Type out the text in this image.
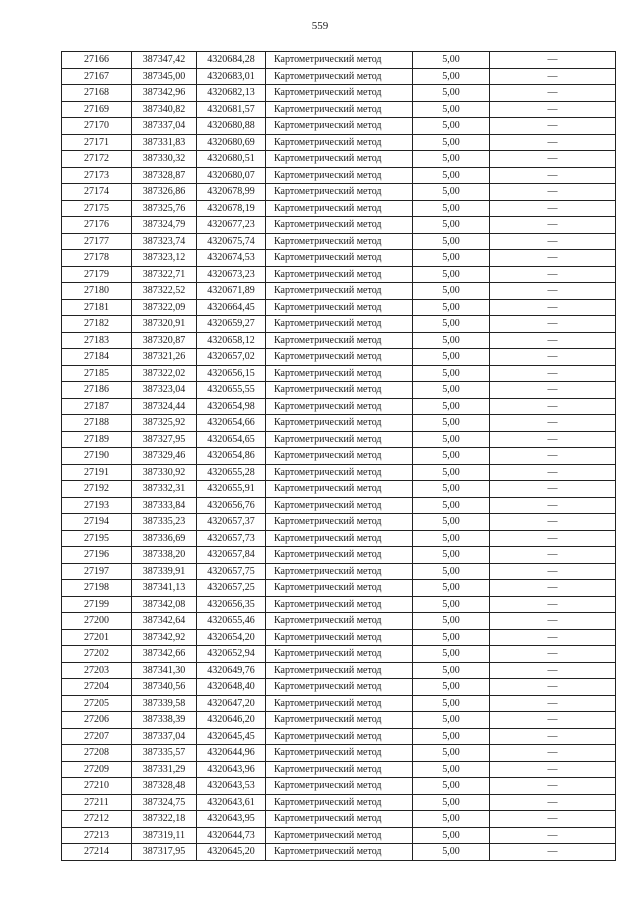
559
27166	387347,42	4320684,28	Картометрический метод	5,00	—
27167	387345,00	4320683,01	Картометрический метод	5,00	—
27168	387342,96	4320682,13	Картометрический метод	5,00	—
27169	387340,82	4320681,57	Картометрический метод	5,00	—
27170	387337,04	4320680,88	Картометрический метод	5,00	—
27171	387331,83	4320680,69	Картометрический метод	5,00	—
27172	387330,32	4320680,51	Картометрический метод	5,00	—
27173	387328,87	4320680,07	Картометрический метод	5,00	—
27174	387326,86	4320678,99	Картометрический метод	5,00	—
27175	387325,76	4320678,19	Картометрический метод	5,00	—
27176	387324,79	4320677,23	Картометрический метод	5,00	—
27177	387323,74	4320675,74	Картометрический метод	5,00	—
27178	387323,12	4320674,53	Картометрический метод	5,00	—
27179	387322,71	4320673,23	Картометрический метод	5,00	—
27180	387322,52	4320671,89	Картометрический метод	5,00	—
27181	387322,09	4320664,45	Картометрический метод	5,00	—
27182	387320,91	4320659,27	Картометрический метод	5,00	—
27183	387320,87	4320658,12	Картометрический метод	5,00	—
27184	387321,26	4320657,02	Картометрический метод	5,00	—
27185	387322,02	4320656,15	Картометрический метод	5,00	—
27186	387323,04	4320655,55	Картометрический метод	5,00	—
27187	387324,44	4320654,98	Картометрический метод	5,00	—
27188	387325,92	4320654,66	Картометрический метод	5,00	—
27189	387327,95	4320654,65	Картометрический метод	5,00	—
27190	387329,46	4320654,86	Картометрический метод	5,00	—
27191	387330,92	4320655,28	Картометрический метод	5,00	—
27192	387332,31	4320655,91	Картометрический метод	5,00	—
27193	387333,84	4320656,76	Картометрический метод	5,00	—
27194	387335,23	4320657,37	Картометрический метод	5,00	—
27195	387336,69	4320657,73	Картометрический метод	5,00	—
27196	387338,20	4320657,84	Картометрический метод	5,00	—
27197	387339,91	4320657,75	Картометрический метод	5,00	—
27198	387341,13	4320657,25	Картометрический метод	5,00	—
27199	387342,08	4320656,35	Картометрический метод	5,00	—
27200	387342,64	4320655,46	Картометрический метод	5,00	—
27201	387342,92	4320654,20	Картометрический метод	5,00	—
27202	387342,66	4320652,94	Картометрический метод	5,00	—
27203	387341,30	4320649,76	Картометрический метод	5,00	—
27204	387340,56	4320648,40	Картометрический метод	5,00	—
27205	387339,58	4320647,20	Картометрический метод	5,00	—
27206	387338,39	4320646,20	Картометрический метод	5,00	—
27207	387337,04	4320645,45	Картометрический метод	5,00	—
27208	387335,57	4320644,96	Картометрический метод	5,00	—
27209	387331,29	4320643,96	Картометрический метод	5,00	—
27210	387328,48	4320643,53	Картометрический метод	5,00	—
27211	387324,75	4320643,61	Картометрический метод	5,00	—
27212	387322,18	4320643,95	Картометрический метод	5,00	—
27213	387319,11	4320644,73	Картометрический метод	5,00	—
27214	387317,95	4320645,20	Картометрический метод	5,00	—
